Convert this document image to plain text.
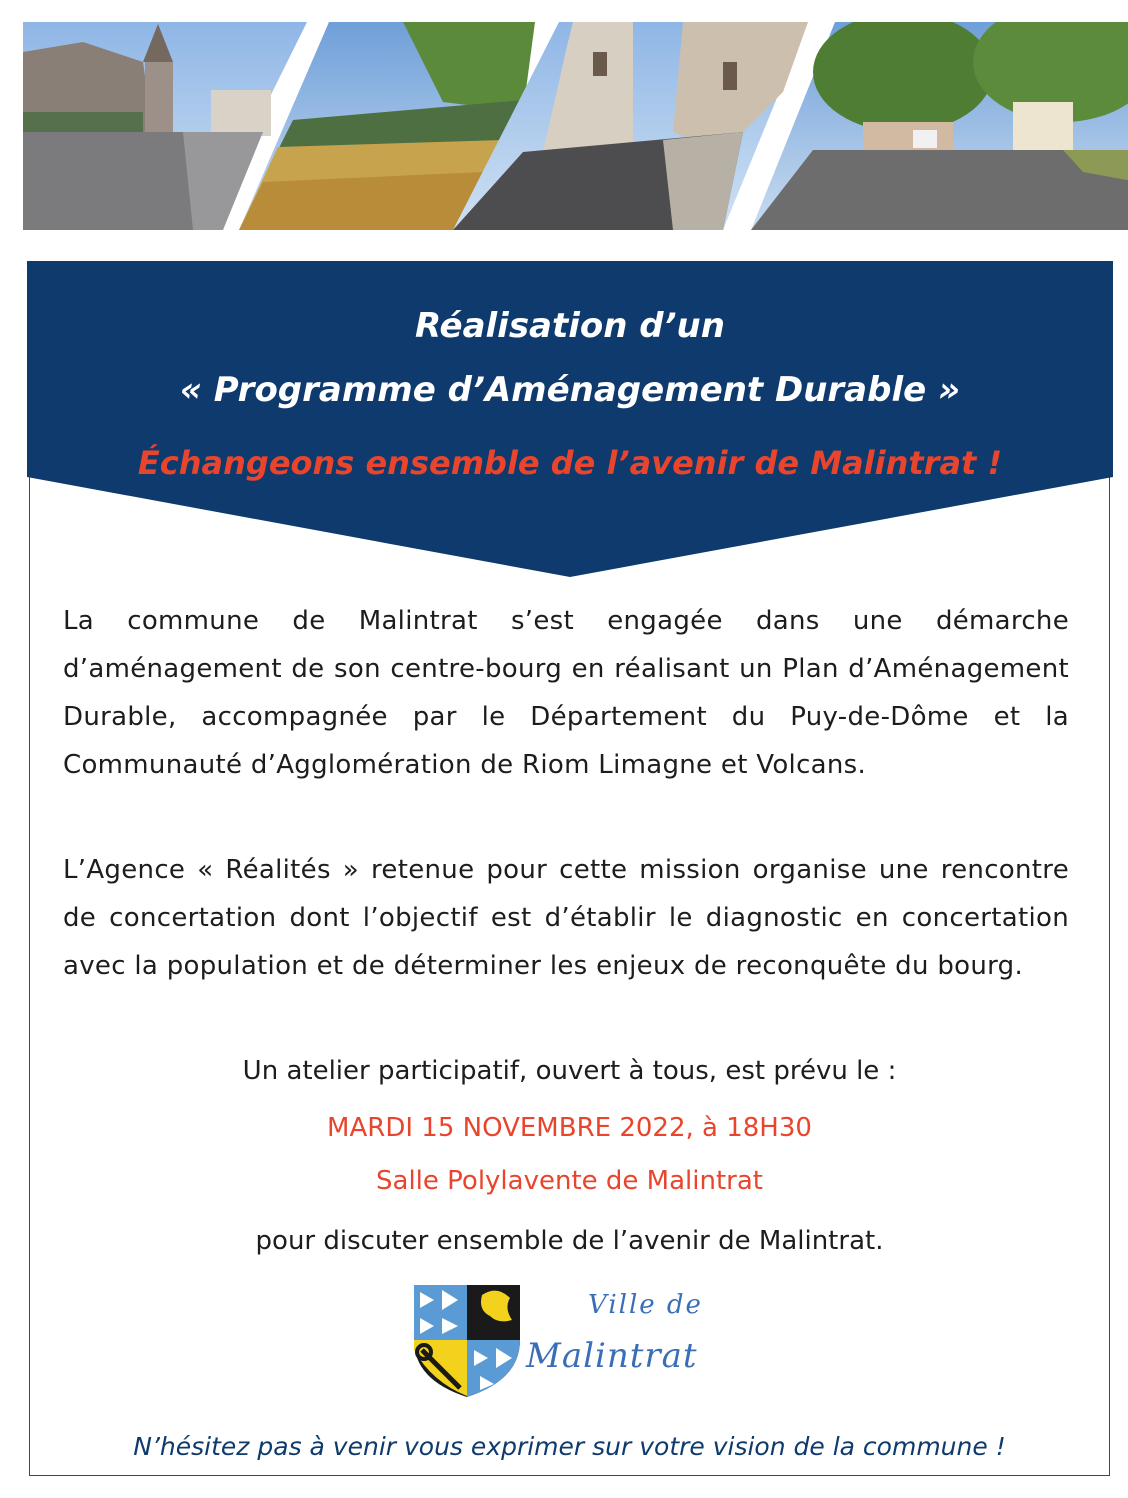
Réalisation d’un
« Programme d’Aménagement Durable »
Échangeons ensemble de l’avenir de Malintrat !

La commune de Malintrat s’est engagée dans une démarche d’aménagement de son centre-bourg en réalisant un Plan d’Aménagement Durable, accompagnée par le Département du Puy-de-Dôme et la Communauté d’Agglomération de Riom Limagne et Volcans.

L’Agence « Réalités » retenue pour cette mission organise une rencontre de concertation dont l’objectif est d’établir le diagnostic en concertation avec la population et de déterminer les enjeux de reconquête du bourg.

Un atelier participatif, ouvert à tous, est prévu le :

MARDI 15 NOVEMBRE 2022, à 18H30

Salle Polylavente de Malintrat

pour discuter ensemble de l’avenir de Malintrat.

Ville de
Malintrat

N’hésitez pas à venir vous exprimer sur votre vision de la commune !
